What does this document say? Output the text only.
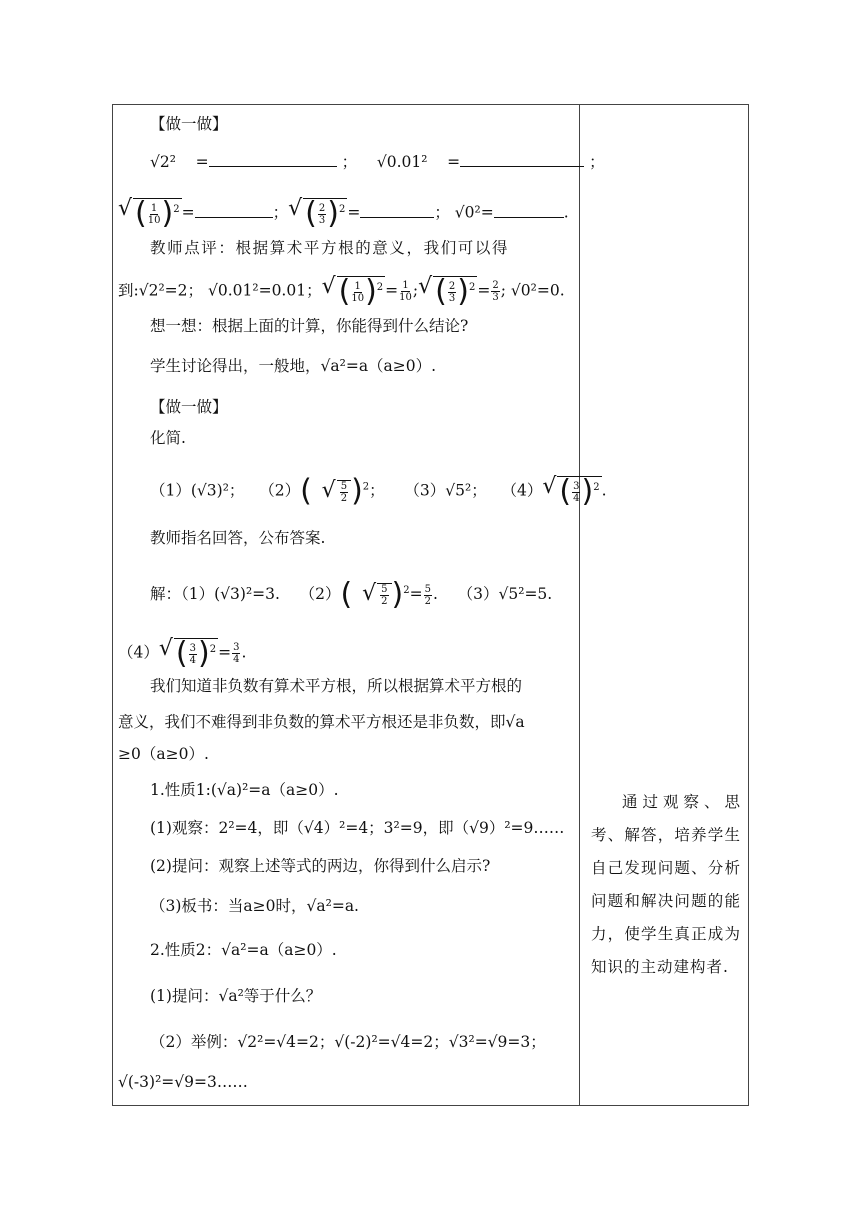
【做一做】
√2² =	； √0.01² =	；
√ ( $\frac{1}{10} )^2$ =	； √ ( $\frac{2}{3} )^2$ =	； √0²=	.
教师点评：根据算术平方根的意义，我们可以得
到:√2²=2； √0.01²=0.01； √ ( $\frac{1}{10} )^2 = \frac{1}{10}$ ; √ ( $\frac{2}{3} )^2 = \frac{2}{3}$ ; √0²=0.
想一想：根据上面的计算，你能得到什么结论?
学生讨论得出，一般地，√a²=a（a≥0）.
【做一做】
化简.
（1）(√3)²； （2）( √ $\frac{5}{2} )^2$；    （3）√5²； （4） √ ( $\frac{3}{4} )^2$ .
教师指名回答，公布答案.
解：（1）(√3)²=3. （2）( √ $\frac{5}{2} )^2= \frac{5}{2}$ .    （3）√5²=5.
（4） √ ( $\frac{3}{4} )^2 = \frac{3}{4}$ .
我们知道非负数有算术平方根，所以根据算术平方根的
意义，我们不难得到非负数的算术平方根还是非负数，即√a
≥0（a≥0）.
1.性质1:(√a)²=a（a≥0）.
(1)观察：2²=4，即（√4）²=4；3²=9，即（√9）²=9……
(2)提问：观察上述等式的两边，你得到什么启示?
（3)板书：当a≥0时，√a²=a.
2.性质2：√a²=a（a≥0）.
(1)提问：√a²等于什么？
（2）举例：√2²=√4=2；√(-2)²=√4=2；√3²=√9=3；
√(-3)²=√9=3……
通过观察、思考、解答，培养学生自己发现问题、分析问题和解决问题的能力，使学生真正成为知识的主动建构者.
